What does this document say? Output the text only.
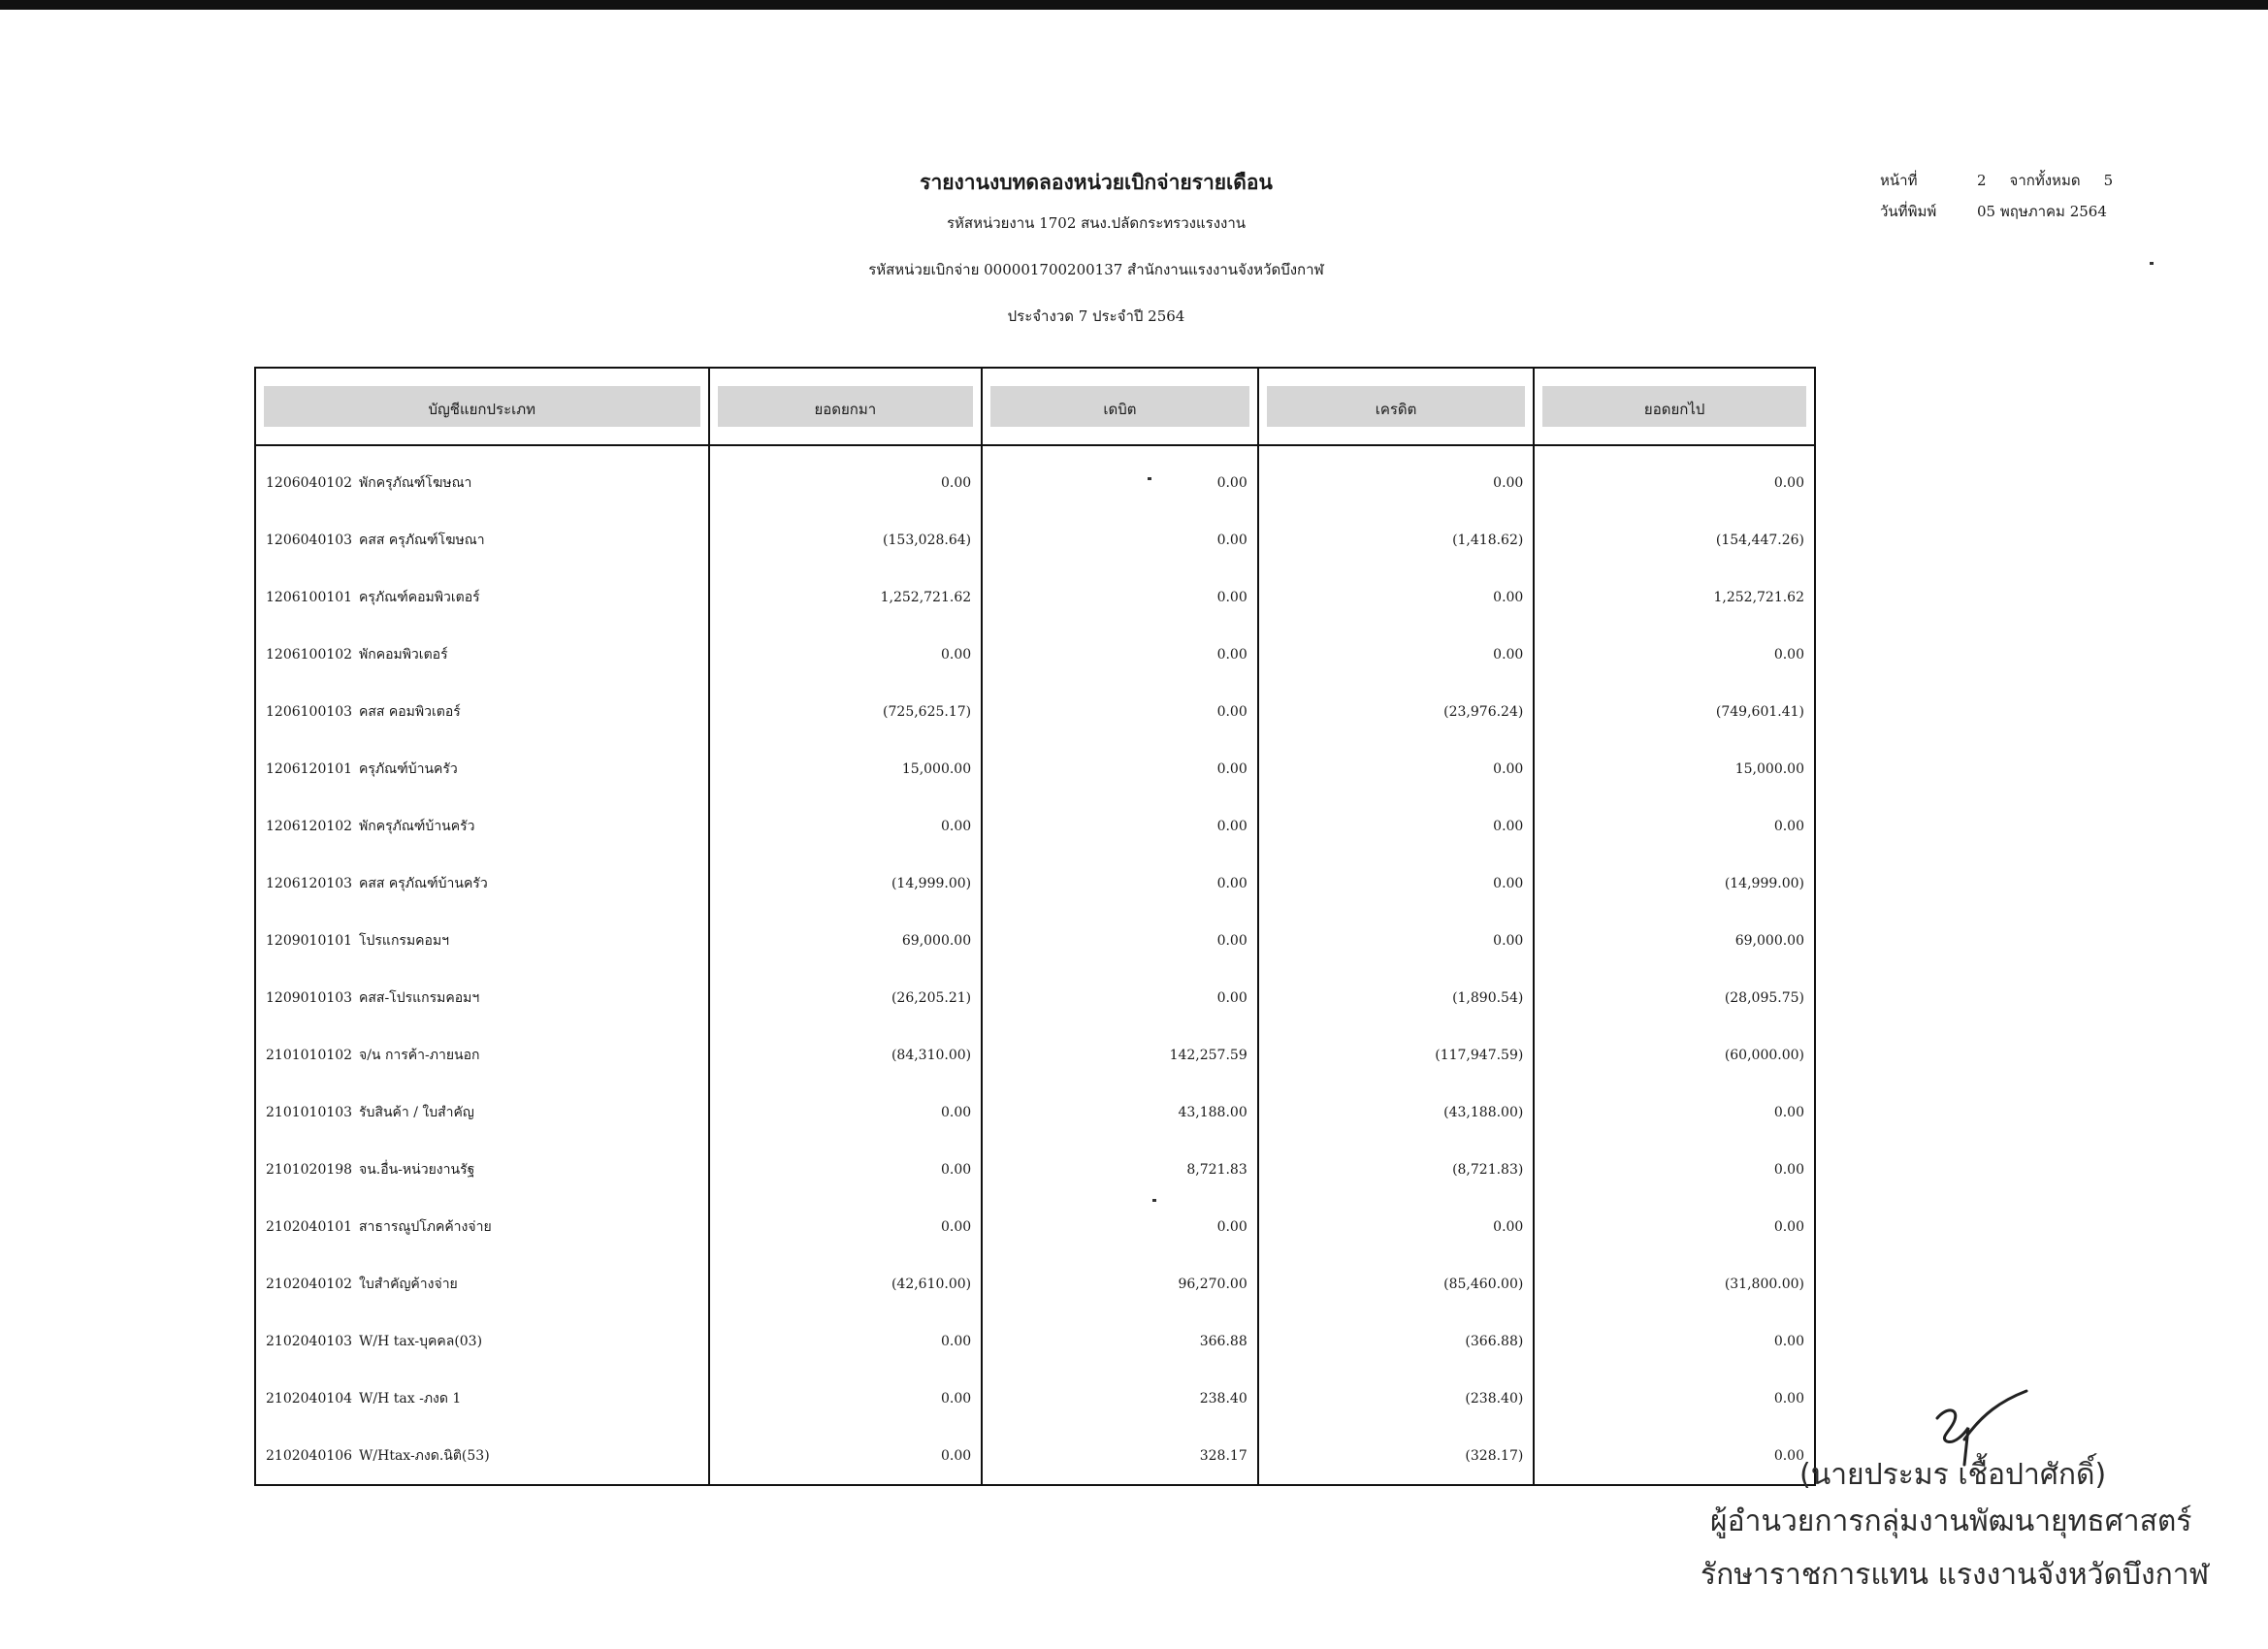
รายงานงบทดลองหน่วยเบิกจ่ายรายเดือน
รหัสหน่วยงาน 1702 สนง.ปลัดกระทรวงแรงงาน
รหัสหน่วยเบิกจ่าย 000001700200137 สำนักงานแรงงานจังหวัดบึงกาฬ
ประจำงวด 7 ประจำปี 2564
หน้าที่	2 จากทั้งหมด 5
วันที่พิมพ์	05 พฤษภาคม 2564
บัญชีแยกประเภท	ยอดยกมา	เดบิต	เครดิต	ยอดยกไป

1206040102 พักครุภัณฑ์โฆษณา	0.00	0.00	0.00	0.00
1206040103 คสส ครุภัณฑ์โฆษณา	(153,028.64)	0.00	(1,418.62)	(154,447.26)
1206100101 ครุภัณฑ์คอมพิวเตอร์	1,252,721.62	0.00	0.00	1,252,721.62
1206100102 พักคอมพิวเตอร์	0.00	0.00	0.00	0.00
1206100103 คสส คอมพิวเตอร์	(725,625.17)	0.00	(23,976.24)	(749,601.41)
1206120101 ครุภัณฑ์บ้านครัว	15,000.00	0.00	0.00	15,000.00
1206120102 พักครุภัณฑ์บ้านครัว	0.00	0.00	0.00	0.00
1206120103 คสส ครุภัณฑ์บ้านครัว	(14,999.00)	0.00	0.00	(14,999.00)
1209010101 โปรแกรมคอมฯ	69,000.00	0.00	0.00	69,000.00
1209010103 คสส-โปรแกรมคอมฯ	(26,205.21)	0.00	(1,890.54)	(28,095.75)
2101010102 จ/น การค้า-ภายนอก	(84,310.00)	142,257.59	(117,947.59)	(60,000.00)
2101010103 รับสินค้า / ใบสำคัญ	0.00	43,188.00	(43,188.00)	0.00
2101020198 จน.อื่น-หน่วยงานรัฐ	0.00	8,721.83	(8,721.83)	0.00
2102040101 สาธารณูปโภคค้างจ่าย	0.00	0.00	0.00	0.00
2102040102 ใบสำคัญค้างจ่าย	(42,610.00)	96,270.00	(85,460.00)	(31,800.00)
2102040103 W/H tax-บุคคล(03)	0.00	366.88	(366.88)	0.00
2102040104 W/H tax -ภงด 1	0.00	238.40	(238.40)	0.00
2102040106 W/Htax-ภงด.นิติ(53)	0.00	328.17	(328.17)	0.00
(นายประมร เชื้อปาศักดิ์)
ผู้อำนวยการกลุ่มงานพัฒนายุทธศาสตร์
รักษาราชการแทน แรงงานจังหวัดบึงกาฬ
